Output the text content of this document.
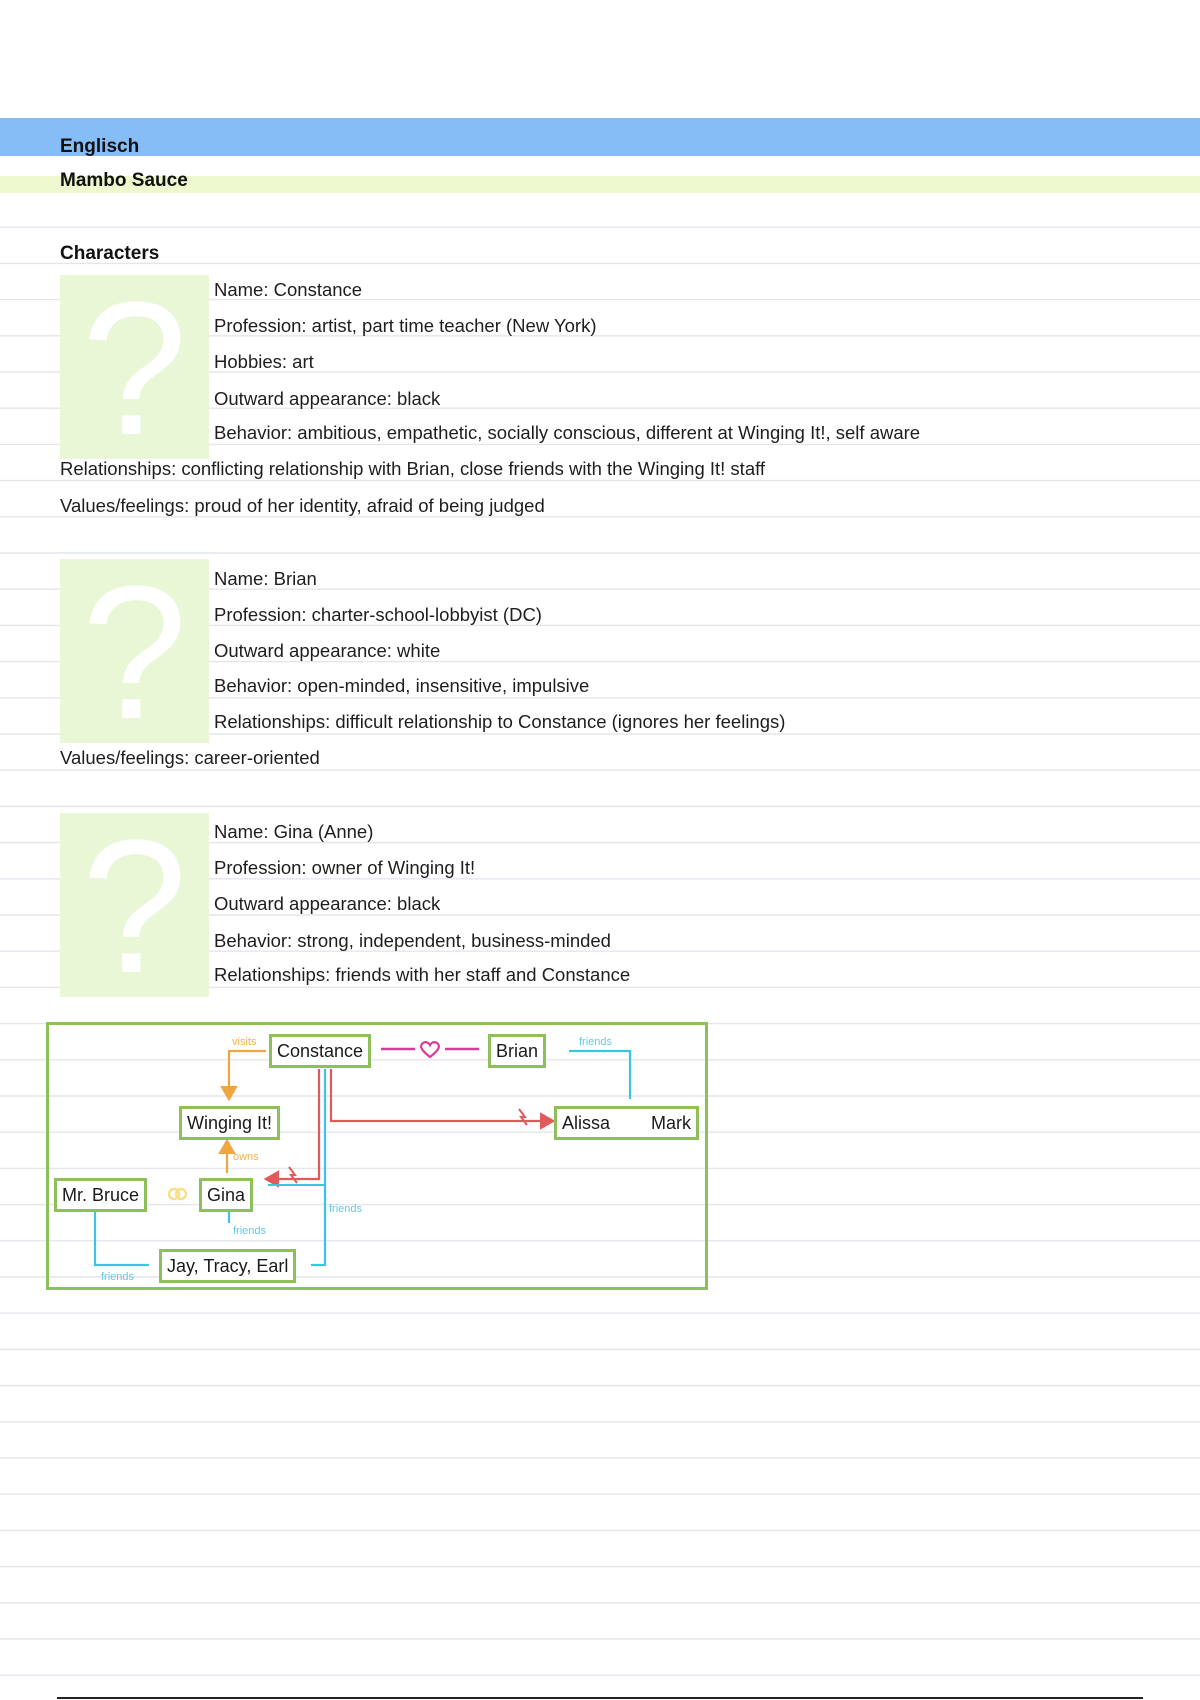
Englisch
Mambo Sauce
Characters
?	Name: Constance
Profession: artist, part time teacher (New York)
Hobbies: art
Outward appearance: black
Behavior: ambitious, empathetic, socially conscious, different at Winging It!, self aware
Relationships: conflicting relationship with Brian, close friends with the Winging It! staff
Values/feelings: proud of her identity, afraid of being judged
?	Name: Brian
Profession: charter-school-lobbyist (DC)
Outward appearance: white
Behavior: open-minded, insensitive, impulsive
Relationships: difficult relationship to Constance (ignores her feelings)
Values/feelings: career-oriented
?	Name: Gina (Anne)
Profession: owner of Winging It!
Outward appearance: black
Behavior: strong, independent, business-minded
Relationships: friends with her staff and Constance
visits
owns
friends
friends
friends
friends
Constance	Brian
Winging It!	Alissa Mark
Mr. Bruce	Gina
Jay, Tracy, Earl
